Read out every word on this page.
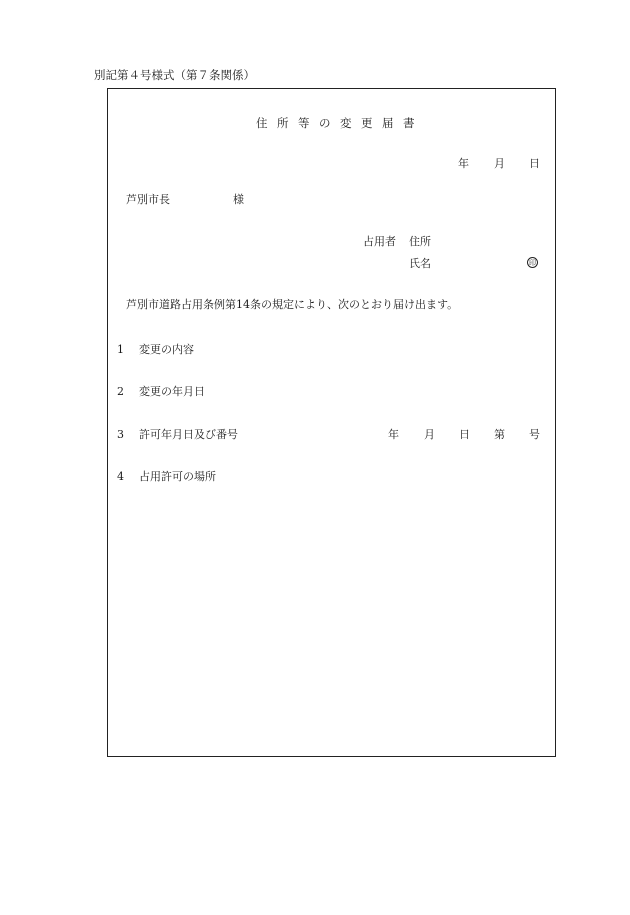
別記第４号様式（第７条関係）
住 所 等 の 変 更 届 書
年 月 日
芦別市長	様
占用者 住所
氏名	印
芦別市道路占用条例第14条の規定により、次のとおり届け出ます。
1 変更の内容
2 変更の年月日
3 許可年月日及び番号	年 月 日 第 号
4 占用許可の場所
